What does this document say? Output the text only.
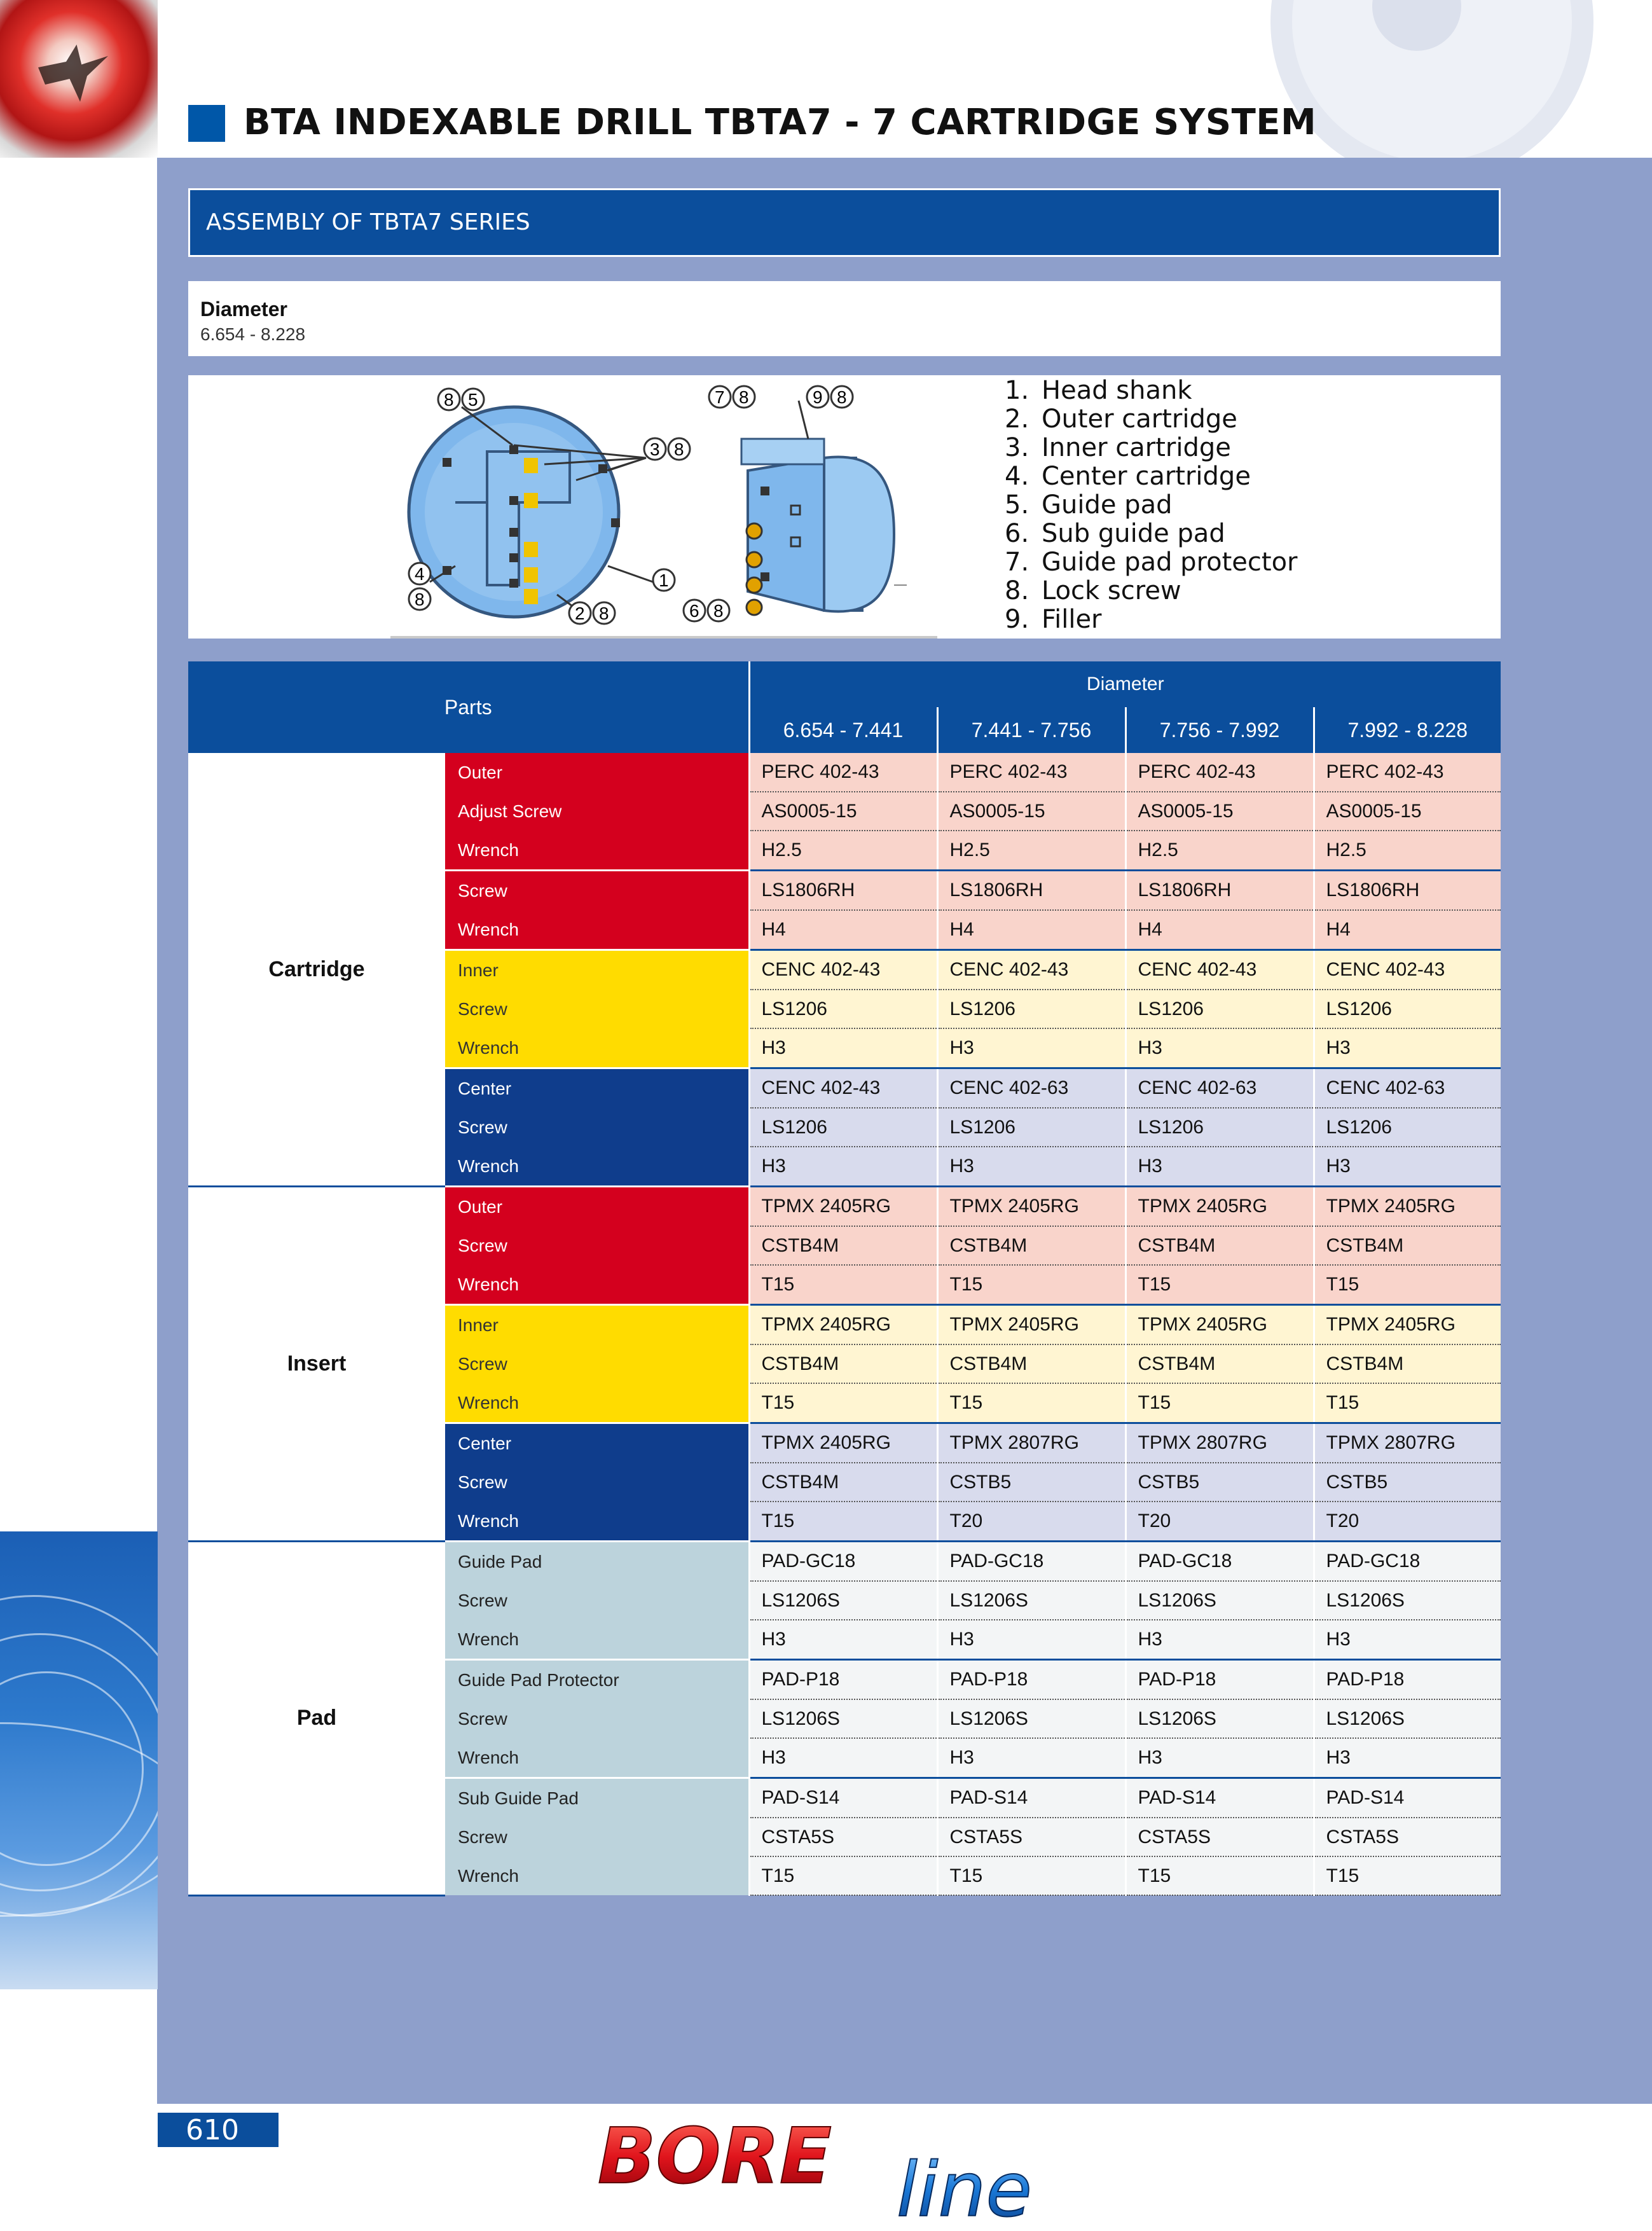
BTA INDEXABLE DRILL TBTA7 - 7 CARTRIDGE SYSTEM
ASSEMBLY OF TBTA7 SERIES
Diameter
6.654 - 8.228
8 5
3 8
4
8
1
2 8
7 8	9 8
6 8
1. Head shank
2. Outer cartridge
3. Inner cartridge
4. Center cartridge
5. Guide pad
6. Sub guide pad
7. Guide pad protector
8. Lock screw
9. Filler
Parts		Diameter			
		6.654 - 7.441	7.441 - 7.756	7.756 - 7.992	7.992 - 8.228
Cartridge	Outer	PERC 402-43	PERC 402-43	PERC 402-43	PERC 402-43
	Adjust Screw	AS0005-15	AS0005-15	AS0005-15	AS0005-15
	Wrench	H2.5	H2.5	H2.5	H2.5
	Screw	LS1806RH	LS1806RH	LS1806RH	LS1806RH
	Wrench	H4	H4	H4	H4
	Inner	CENC 402-43	CENC 402-43	CENC 402-43	CENC 402-43
	Screw	LS1206	LS1206	LS1206	LS1206
	Wrench	H3	H3	H3	H3
	Center	CENC 402-43	CENC 402-63	CENC 402-63	CENC 402-63
	Screw	LS1206	LS1206	LS1206	LS1206
	Wrench	H3	H3	H3	H3
Insert	Outer	TPMX 2405RG	TPMX 2405RG	TPMX 2405RG	TPMX 2405RG
	Screw	CSTB4M	CSTB4M	CSTB4M	CSTB4M
	Wrench	T15	T15	T15	T15
	Inner	TPMX 2405RG	TPMX 2405RG	TPMX 2405RG	TPMX 2405RG
	Screw	CSTB4M	CSTB4M	CSTB4M	CSTB4M
	Wrench	T15	T15	T15	T15
	Center	TPMX 2405RG	TPMX 2807RG	TPMX 2807RG	TPMX 2807RG
	Screw	CSTB4M	CSTB5	CSTB5	CSTB5
	Wrench	T15	T20	T20	T20
Pad	Guide Pad	PAD-GC18	PAD-GC18	PAD-GC18	PAD-GC18
	Screw	LS1206S	LS1206S	LS1206S	LS1206S
	Wrench	H3	H3	H3	H3
	Guide Pad Protector	PAD-P18	PAD-P18	PAD-P18	PAD-P18
	Screw	LS1206S	LS1206S	LS1206S	LS1206S
	Wrench	H3	H3	H3	H3
	Sub Guide Pad	PAD-S14	PAD-S14	PAD-S14	PAD-S14
	Screw	CSTA5S	CSTA5S	CSTA5S	CSTA5S
	Wrench	T15	T15	T15	T15
610	BORE line
